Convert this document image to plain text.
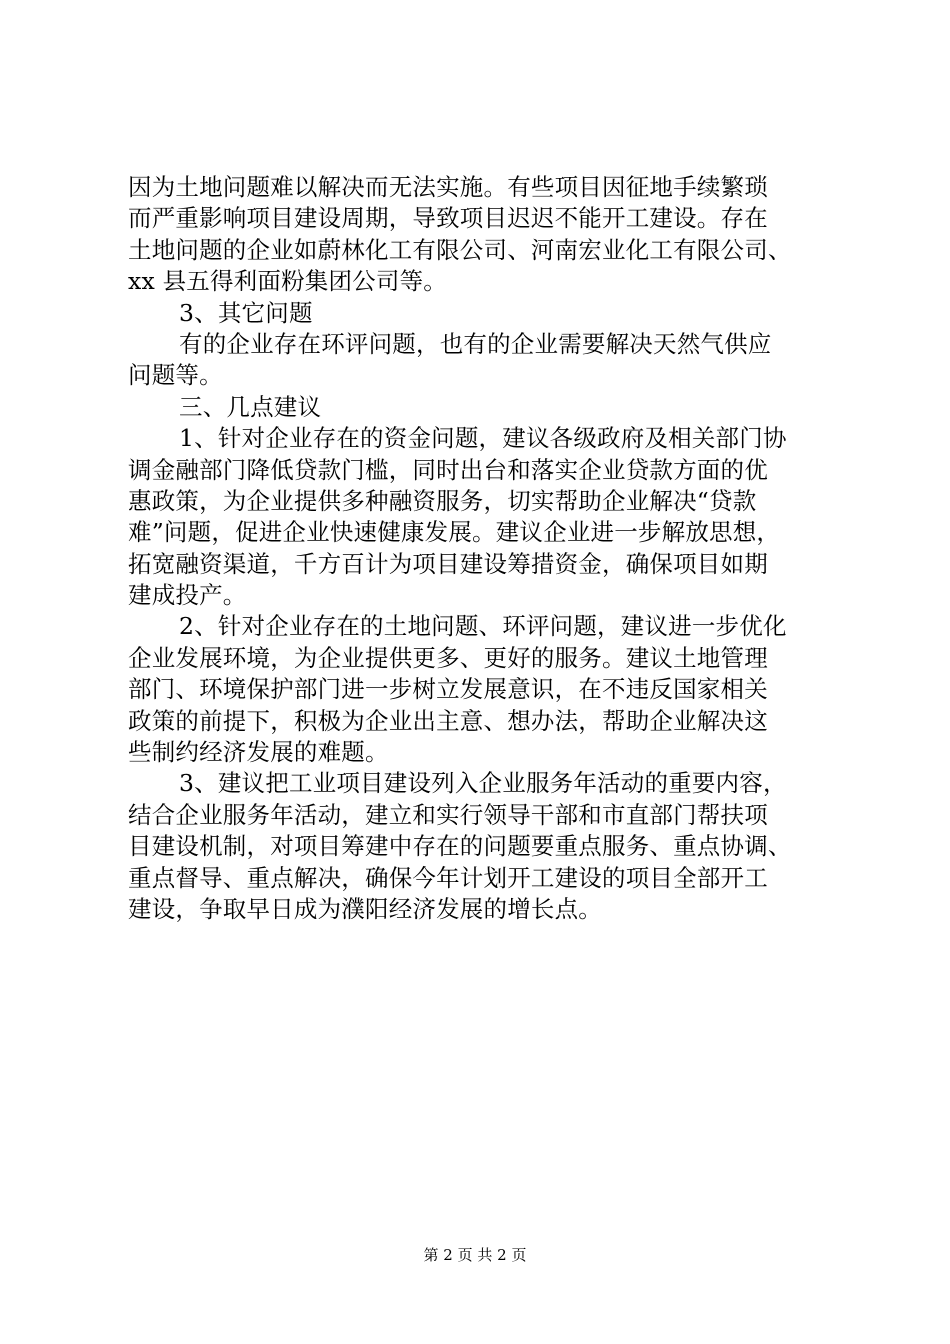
因为土地问题难以解决而无法实施。有些项目因征地手续繁琐
而严重影响项目建设周期，导致项目迟迟不能开工建设。存在
土地问题的企业如蔚林化工有限公司、河南宏业化工有限公司、
xx 县五得利面粉集团公司等。
3、其它问题
有的企业存在环评问题，也有的企业需要解决天然气供应
问题等。
三、几点建议
1、针对企业存在的资金问题，建议各级政府及相关部门协
调金融部门降低贷款门槛，同时出台和落实企业贷款方面的优
惠政策，为企业提供多种融资服务，切实帮助企业解决“贷款
难”问题，促进企业快速健康发展。建议企业进一步解放思想，
拓宽融资渠道，千方百计为项目建设筹措资金，确保项目如期
建成投产。
2、针对企业存在的土地问题、环评问题，建议进一步优化
企业发展环境，为企业提供更多、更好的服务。建议土地管理
部门、环境保护部门进一步树立发展意识，在不违反国家相关
政策的前提下，积极为企业出主意、想办法，帮助企业解决这
些制约经济发展的难题。
3、建议把工业项目建设列入企业服务年活动的重要内容，
结合企业服务年活动，建立和实行领导干部和市直部门帮扶项
目建设机制，对项目筹建中存在的问题要重点服务、重点协调、
重点督导、重点解决，确保今年计划开工建设的项目全部开工
建设，争取早日成为濮阳经济发展的增长点。
第 2 页 共 2 页
